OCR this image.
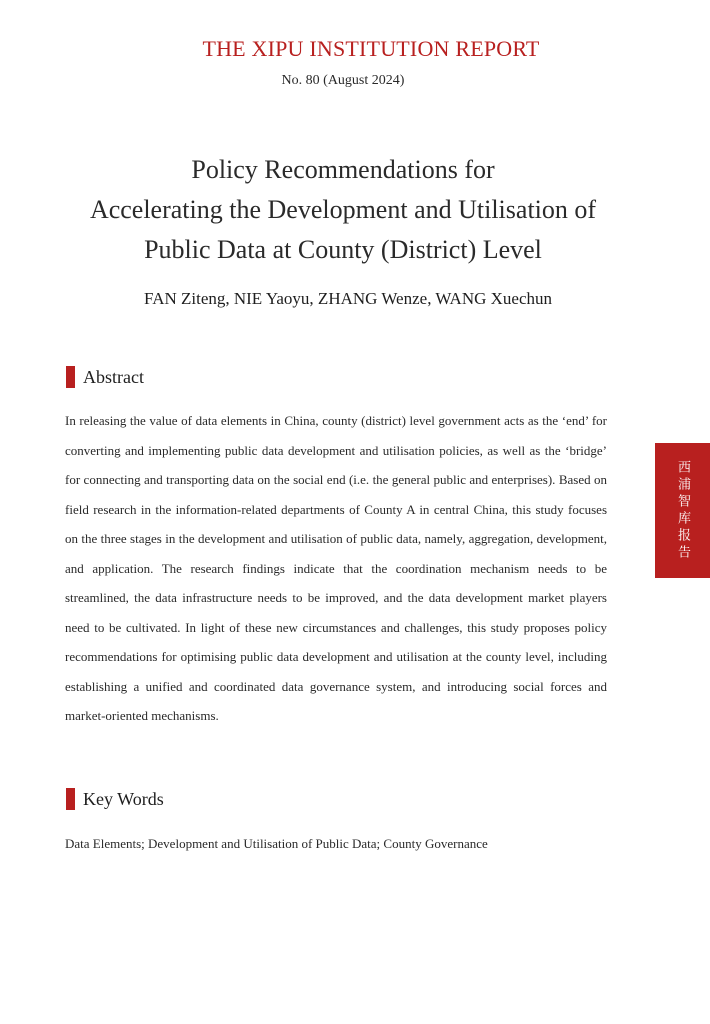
THE XIPU INSTITUTION REPORT
No. 80 (August 2024)
Policy Recommendations for
Accelerating the Development and Utilisation of
Public Data at County (District) Level
FAN Ziteng, NIE Yaoyu, ZHANG Wenze, WANG Xuechun
Abstract
In releasing the value of data elements in China, county (district) level government acts as the ‘end’ for converting and implementing public data development and utilisation policies, as well as the ‘bridge’ for connecting and transporting data on the social end (i.e. the general public and enterprises). Based on field research in the information-related departments of County A in central China, this study focuses on the three stages in the development and utilisation of public data, namely, aggregation, development, and application. The research findings indicate that the coordination mechanism needs to be streamlined, the data infrastructure needs to be improved, and the data development market players need to be cultivated. In light of these new circumstances and challenges, this study proposes policy recommendations for optimising public data development and utilisation at the county level, including establishing a unified and coordinated data governance system, and introducing social forces and market-oriented mechanisms.
Key Words
Data Elements; Development and Utilisation of Public Data; County Governance
西浦智库报告
